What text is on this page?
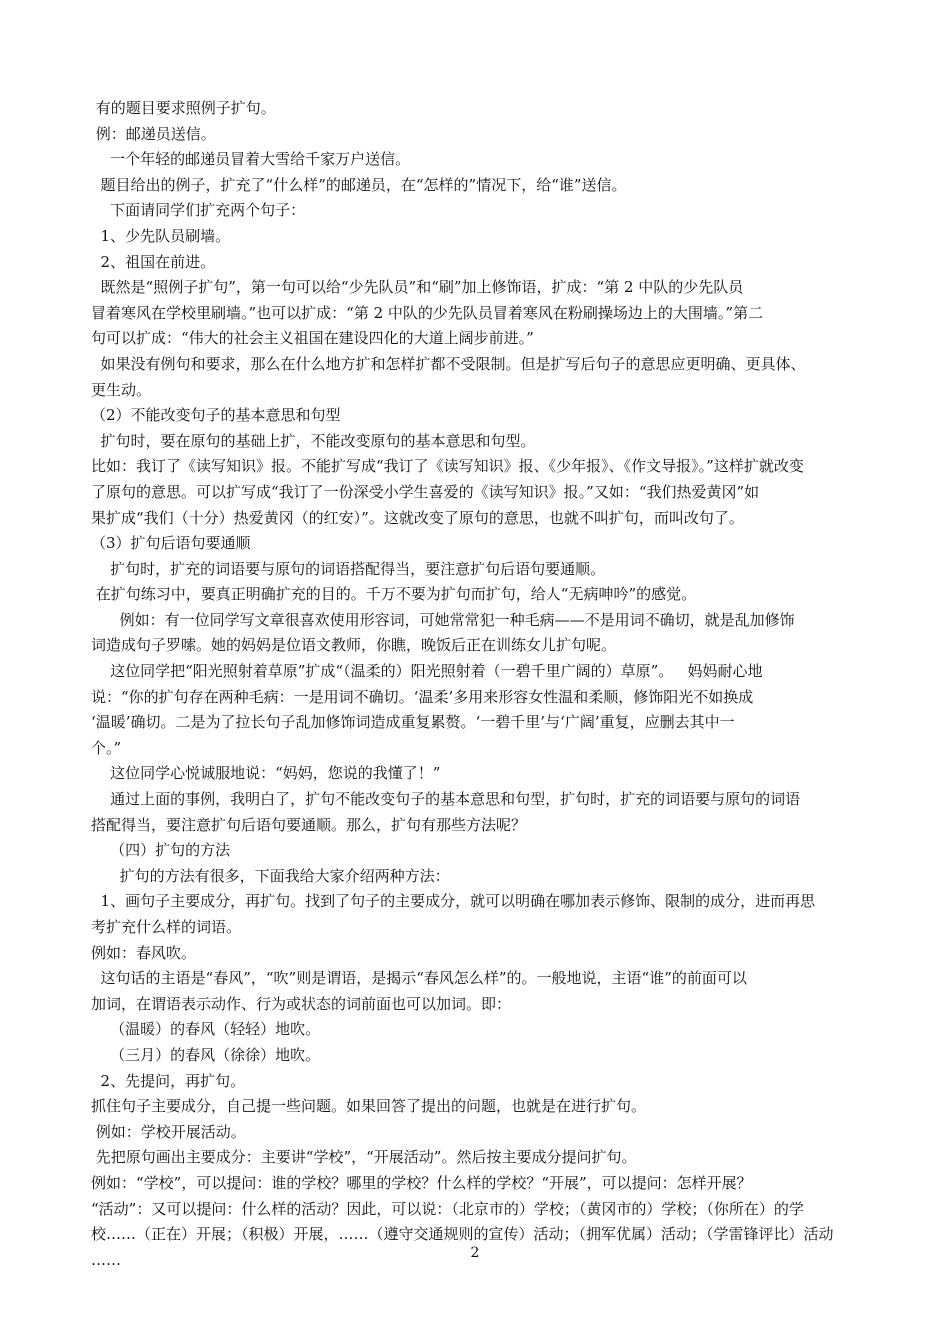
有的题目要求照例子扩句。
例：邮递员送信。
一个年轻的邮递员冒着大雪给千家万户送信。
题目给出的例子，扩充了“什么样”的邮递员，在“怎样的”情况下，给“谁”送信。
下面请同学们扩充两个句子：
1、少先队员刷墙。
2、祖国在前进。
既然是“照例子扩句”，第一句可以给“少先队员”和“刷”加上修饰语，扩成：“第 2 中队的少先队员
冒着寒风在学校里刷墙。”也可以扩成：“第 2 中队的少先队员冒着寒风在粉刷操场边上的大围墙。”第二
句可以扩成：“伟大的社会主义祖国在建设四化的大道上阔步前进。”
如果没有例句和要求，那么在什么地方扩和怎样扩都不受限制。但是扩写后句子的意思应更明确、更具体、
更生动。
（2）不能改变句子的基本意思和句型
扩句时，要在原句的基础上扩，不能改变原句的基本意思和句型。
比如：我订了《读写知识》报。不能扩写成“我订了《读写知识》报、《少年报》、《作文导报》。”这样扩就改变
了原句的意思。可以扩写成“我订了一份深受小学生喜爱的《读写知识》报。”又如：“我们热爱黄冈”如
果扩成“我们（十分）热爱黄冈（的红安）”。这就改变了原句的意思，也就不叫扩句，而叫改句了。
（3）扩句后语句要通顺
扩句时，扩充的词语要与原句的词语搭配得当，要注意扩句后语句要通顺。
在扩句练习中，要真正明确扩充的目的。千万不要为扩句而扩句，给人“无病呻吟”的感觉。
例如：有一位同学写文章很喜欢使用形容词，可她常常犯一种毛病——不是用词不确切，就是乱加修饰
词造成句子罗嗦。她的妈妈是位语文教师，你瞧，晚饭后正在训练女儿扩句呢。
这位同学把“阳光照射着草原”扩成“（温柔的）阳光照射着（一碧千里广阔的）草原”。   妈妈耐心地
说：“你的扩句存在两种毛病：一是用词不确切。‘温柔’多用来形容女性温和柔顺，修饰阳光不如换成
‘温暖’确切。二是为了拉长句子乱加修饰词造成重复累赘。‘一碧千里’与‘广阔’重复，应删去其中一
个。”
这位同学心悦诚服地说：“妈妈，您说的我懂了！”
通过上面的事例，我明白了，扩句不能改变句子的基本意思和句型，扩句时，扩充的词语要与原句的词语
搭配得当，要注意扩句后语句要通顺。那么，扩句有那些方法呢？
（四）扩句的方法
扩句的方法有很多，下面我给大家介绍两种方法：
1、画句子主要成分，再扩句。找到了句子的主要成分，就可以明确在哪加表示修饰、限制的成分，进而再思
考扩充什么样的词语。
例如：春风吹。
这句话的主语是“春风”，“吹”则是谓语，是揭示“春风怎么样”的。一般地说，主语“谁”的前面可以
加词，在谓语表示动作、行为或状态的词前面也可以加词。即：
（温暖）的春风（轻轻）地吹。
（三月）的春风（徐徐）地吹。
2、先提问，再扩句。
抓住句子主要成分，自己提一些问题。如果回答了提出的问题，也就是在进行扩句。
例如：学校开展活动。
先把原句画出主要成分：主要讲“学校”，“开展活动”。然后按主要成分提问扩句。
例如：“学校”，可以提问：谁的学校？哪里的学校？什么样的学校？“开展”，可以提问：怎样开展？
“活动”：又可以提问：什么样的活动？因此，可以说：（北京市的）学校；（黄冈市的）学校；（你所在）的学
校……（正在）开展；（积极）开展，……（遵守交通规则的宣传）活动；（拥军优属）活动；（学雷锋评比）活动
……	2
